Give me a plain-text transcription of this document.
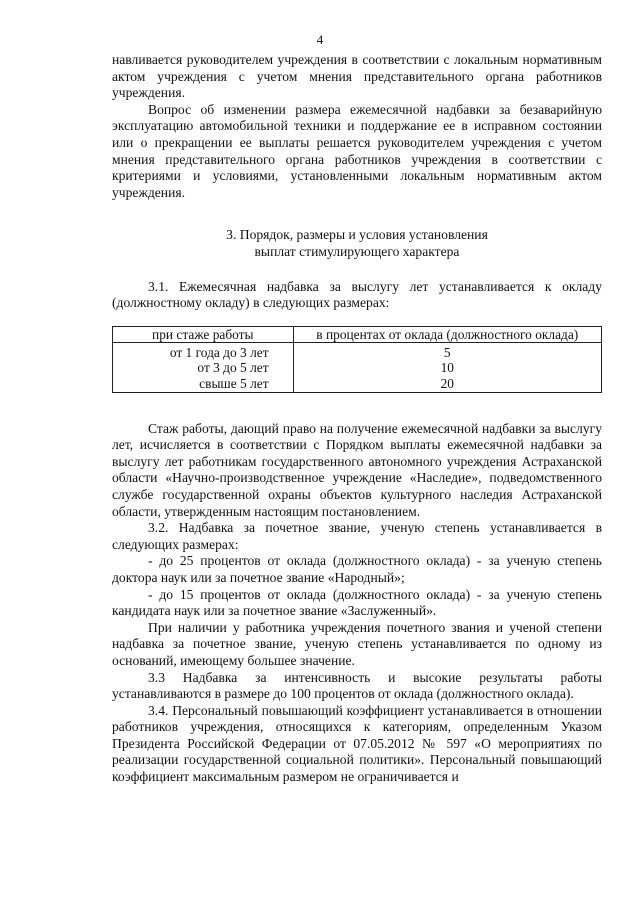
4

навливается руководителем учреждения в соответствии с локальным нормативным актом учреждения с учетом мнения представительного органа работников учреждения.

Вопрос об изменении размера ежемесячной надбавки за безаварийную эксплуатацию автомобильной техники и поддержание ее в исправном состоянии или о прекращении ее выплаты решается руководителем учреждения с учетом мнения представительного органа работников учреждения в соответствии с критериями и условиями, установленными локальным нормативным актом учреждения.

3. Порядок, размеры и условия установления
выплат стимулирующего характера

3.1. Ежемесячная надбавка за выслугу лет устанавливается к окладу (должностному окладу) в следующих размерах:

при стаже работы	в процентах от оклада (должностного оклада)

от 1 года до 3 лет	5
от 3 до 5 лет	10
свыше 5 лет	20

Стаж работы, дающий право на получение ежемесячной надбавки за выслугу лет, исчисляется в соответствии с Порядком выплаты ежемесячной надбавки за выслугу лет работникам государственного автономного учреждения Астраханской области «Научно-производственное учреждение «Наследие», подведомственного службе государственной охраны объектов культурного наследия Астраханской области, утвержденным настоящим постановлением.

3.2. Надбавка за почетное звание, ученую степень устанавливается в следующих размерах:

- до 25 процентов от оклада (должностного оклада) - за ученую степень доктора наук или за почетное звание «Народный»;

- до 15 процентов от оклада (должностного оклада) - за ученую степень кандидата наук или за почетное звание «Заслуженный».

При наличии у работника учреждения почетного звания и ученой степени надбавка за почетное звание, ученую степень устанавливается по одному из оснований, имеющему большее значение.

3.3 Надбавка за интенсивность и высокие результаты работы устанавливаются в размере до 100 процентов от оклада (должностного оклада).

3.4. Персональный повышающий коэффициент устанавливается в отношении работников учреждения, относящихся к категориям, определенным Указом Президента Российской Федерации от 07.05.2012 № 597 «О мероприятиях по реализации государственной социальной политики». Персональный повышающий коэффициент максимальным размером не ограничивается и
